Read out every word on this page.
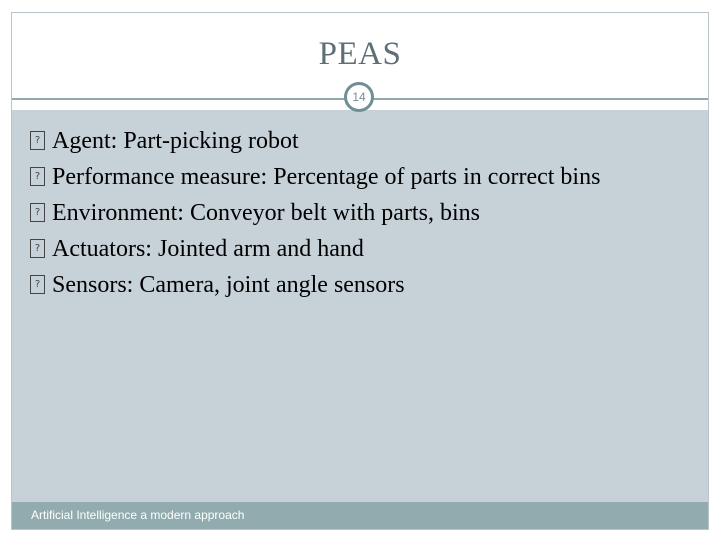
PEAS
14
? Agent: Part-picking robot
? Performance measure: Percentage of parts in correct bins
? Environment: Conveyor belt with parts, bins
? Actuators: Jointed arm and hand
? Sensors: Camera, joint angle sensors
Artificial Intelligence a modern approach
